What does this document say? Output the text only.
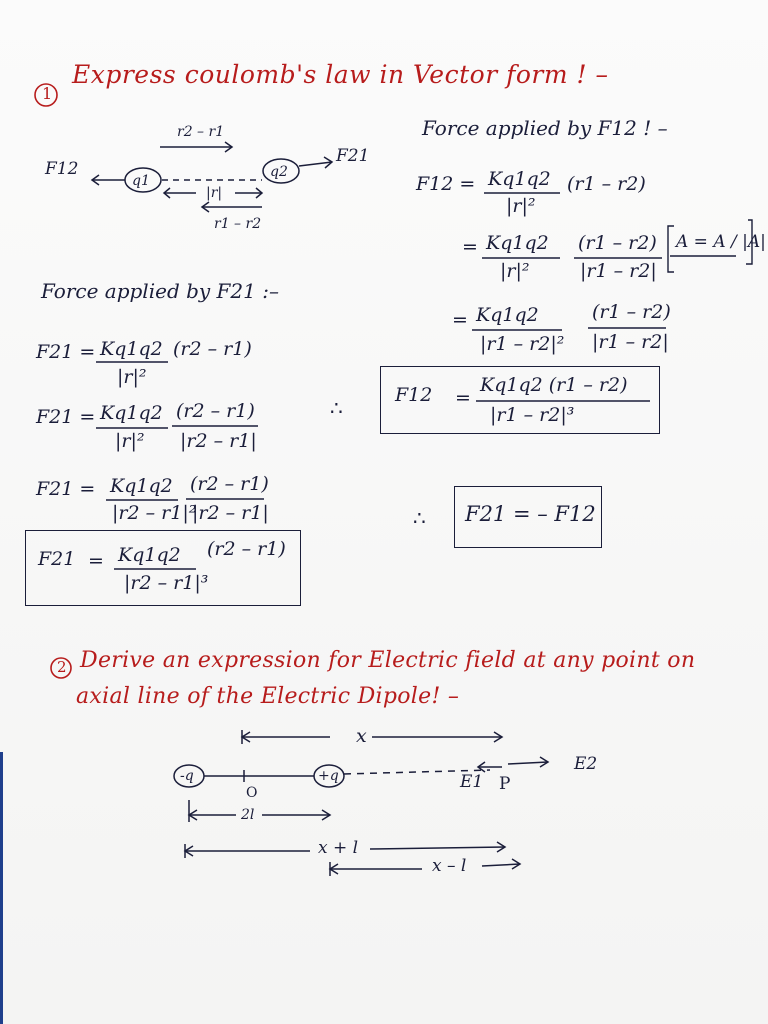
1
Express coulomb's law in Vector form ! –
F12
q1
q2
F21
|r|
r2 – r1
r1 – r2
Force applied by F12 ! –
F12 = Kq1q2
|r|²
(r1 – r2)
= Kq1q2
|r|²
(r1 – r2)
|r1 – r2|
A = A / |A|
= Kq1q2
|r1 – r2|²
(r1 – r2)
|r1 – r2|
F12 =
Kq1q2 (r1 – r2)
|r1 – r2|³
∴
∴ F21 = – F12
Force applied by F21 :–
F21 = Kq1q2
|r|²
(r2 – r1)
F21 = Kq1q2
|r|²
(r2 – r1)
|r2 – r1|
F21 = Kq1q2
|r2 – r1|²
(r2 – r1)
|r2 – r1|
F21 = Kq1q2
|r2 – r1|³
(r2 – r1)
2 Derive an expression for Electric field at any point on
axial line of the Electric Dipole! –
x
-q	+q
O
2l
E1 P
E2
x + l
x – l
